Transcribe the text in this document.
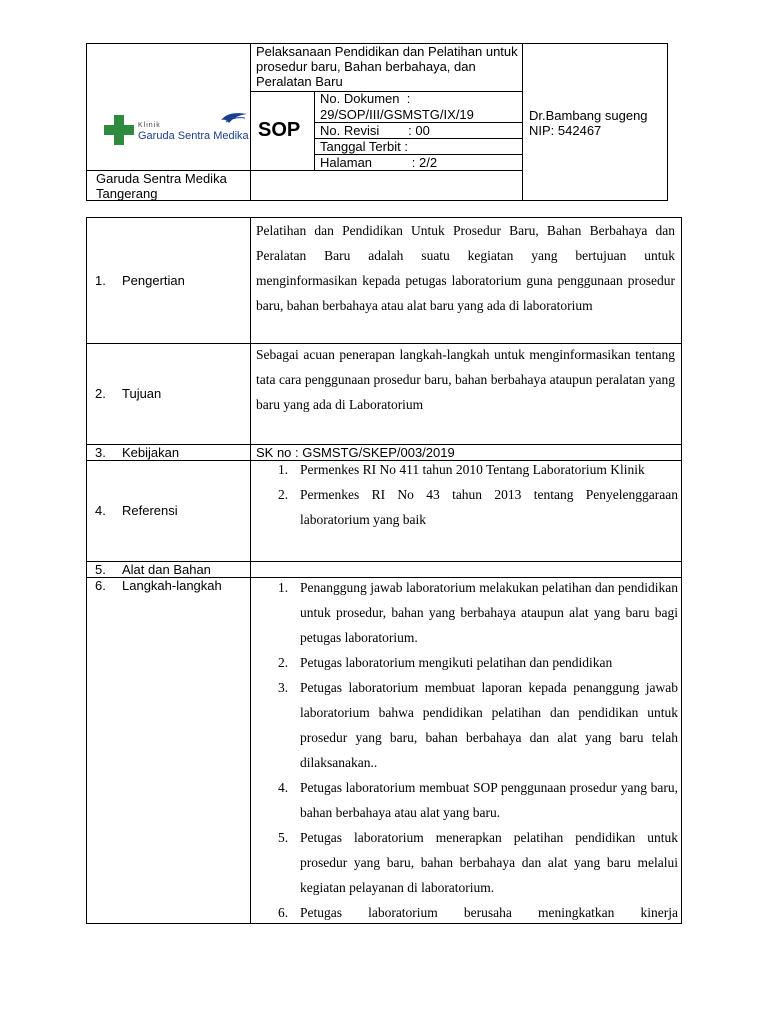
Klinik
Garuda Sentra Medika
Pelaksanaan Pendidikan dan Pelatihan untuk prosedur baru, Bahan berbahaya, dan Peralatan Baru
SOP
No. Dokumen  :
29/SOP/III/GSMSTG/IX/19
No. Revisi        : 00
Tanggal Terbit :
Halaman           : 2/2
Dr.Bambang sugeng
NIP: 542467
Garuda Sentra Medika Tangerang
1. Pengertian
Pelatihan dan Pendidikan Untuk Prosedur Baru, Bahan Berbahaya dan Peralatan Baru adalah suatu kegiatan yang bertujuan untuk menginformasikan kepada petugas laboratorium guna penggunaan prosedur baru, bahan berbahaya atau alat baru yang ada di laboratorium
2. Tujuan
Sebagai acuan penerapan langkah-langkah untuk menginformasikan tentang tata cara penggunaan prosedur baru, bahan berbahaya ataupun peralatan yang baru yang ada di Laboratorium
3. Kebijakan	SK no : GSMSTG/SKEP/003/2019
4. Referensi
1. Permenkes RI No 411 tahun 2010 Tentang Laboratorium Klinik
2. Permenkes RI No 43 tahun 2013 tentang Penyelenggaraan laboratorium yang baik
5. Alat dan Bahan
6. Langkah-langkah	1. Penanggung jawab laboratorium melakukan pelatihan dan pendidikan untuk prosedur, bahan yang berbahaya ataupun alat yang baru bagi petugas laboratorium.
2. Petugas laboratorium mengikuti pelatihan dan pendidikan
3. Petugas laboratorium membuat laporan kepada penanggung jawab laboratorium bahwa pendidikan pelatihan dan pendidikan untuk prosedur yang baru, bahan berbahaya dan alat yang baru telah dilaksanakan..
4. Petugas laboratorium membuat SOP penggunaan prosedur yang baru, bahan berbahaya atau alat yang baru.
5. Petugas laboratorium menerapkan pelatihan pendidikan untuk prosedur yang baru, bahan berbahaya dan alat yang baru melalui kegiatan pelayanan di laboratorium.
6. Petugas laboratorium berusaha meningkatkan kinerja
